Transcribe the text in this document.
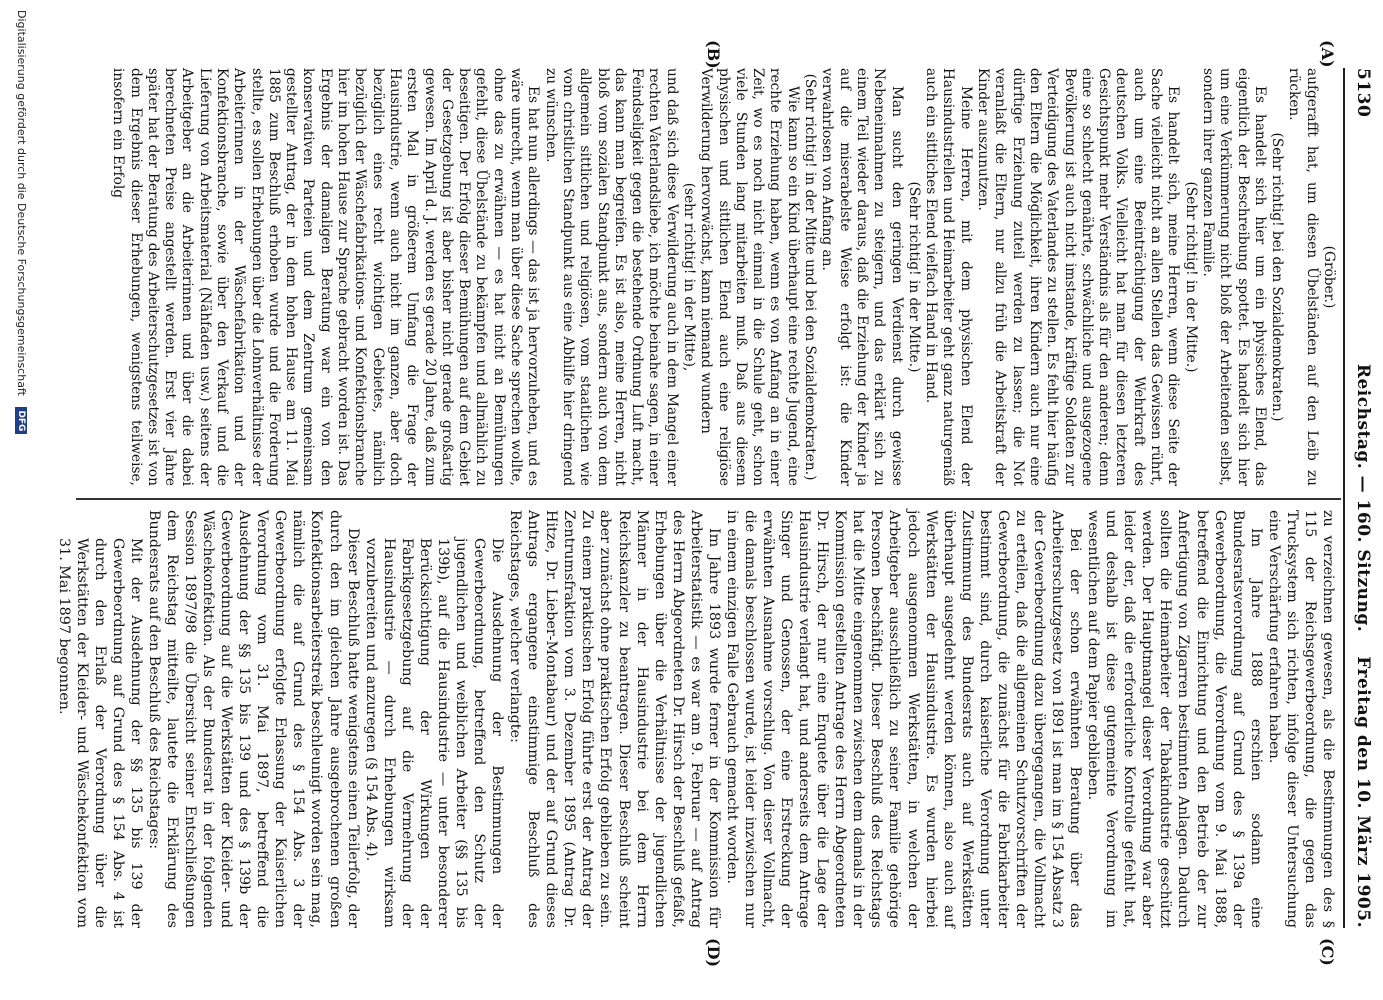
5130
Reichstag. — 160. Sitzung.
Freitag den 10. März 1905.
(A)
(B)
(C)
(D)

(Gröber.)

aufgerafft hat, um diesen Übelständen auf den Leib zu rücken.

(Sehr richtig! bei den Sozialdemokraten.)

Es handelt sich hier um ein physisches Elend, das eigentlich der Beschreibung spottet. Es handelt sich hier um eine Verkümmerung nicht bloß der Arbeitenden selbst, sondern ihrer ganzen Familie.

(Sehr richtig! in der Mitte.)

Es handelt sich, meine Herren, wenn diese Seite der Sache vielleicht nicht an allen Stellen das Gewissen rührt, auch um eine Beeinträchtigung der Wehrkraft des deutschen Volks. Vielleicht hat man für diesen letzteren Gesichtspunkt mehr Verständnis als für den anderen; denn eine so schlecht genährte, schwächliche und ausgezogene Bevölkerung ist auch nicht imstande, kräftige Soldaten zur Verteidigung des Vaterlandes zu stellen. Es fehlt hier häufig den Eltern die Möglichkeit, ihren Kindern auch nur eine dürftige Erziehung zuteil werden zu lassen; die Not veranlaßt die Eltern, nur allzu früh die Arbeitskraft der Kinder auszunutzen.

Meine Herren, mit dem physischen Elend der Hausindustriellen und Heimarbeiter geht ganz naturgemäß auch ein sittliches Elend vielfach Hand in Hand.

(Sehr richtig! in der Mitte.)

Man sucht den geringen Verdienst durch gewisse Nebeneinnahmen zu steigern, und das erklärt sich zu einem Teil wieder daraus, daß die Erziehung der Kinder ja auf die miserabelste Weise erfolgt ist: die Kinder verwahrlosen von Anfang an.

(Sehr richtig! in der Mitte und bei den Sozialdemokraten.)

Wie kann so ein Kind überhaupt eine rechte Jugend, eine rechte Erziehung haben, wenn es von Anfang an in einer Zeit, wo es noch nicht einmal in die Schule geht, schon viele Stunden lang mitarbeiten muß. Daß aus diesem physischen und sittlichen Elend auch eine religiöse Verwilderung hervorwächst, kann niemand wundern

(sehr richtig! in der Mitte),

und daß sich diese Verwilderung auch in dem Mangel einer rechten Vaterlandsliebe, ich möchte beinahe sagen, in einer Feindseligkeit gegen die bestehende Ordnung Luft macht, das kann man begreifen. Es ist also, meine Herren, nicht bloß vom sozialen Standpunkt aus, sondern auch von dem allgemein sittlichen und religiösen, vom staatlichen wie vom christlichen Standpunkt aus eine Abhilfe hier dringend zu wünschen.

Es hat nun allerdings — das ist ja hervorzuheben, und es wäre unrecht, wenn man über diese Sache sprechen wollte, ohne das zu erwähnen — es hat nicht an Bemühungen gefehlt, diese Übelstände zu bekämpfen und allmählich zu beseitigen. Der Erfolg dieser Bemühungen auf dem Gebiet der Gesetzgebung ist aber bisher nicht gerade großartig gewesen. Im April d. J. werden es gerade 20 Jahre, daß zum ersten Mal in größerem Umfang die Frage der Hausindustrie, wenn auch nicht im ganzen, aber doch bezüglich eines recht wichtigen Gebietes, nämlich bezüglich der Wäschefabrikations- und Konfektionsbranche hier im hohen Hause zur Sprache gebracht worden ist. Das Ergebnis der damaligen Beratung war ein von den konservativen Parteien und dem Zentrum gemeinsam gestellter Antrag, der in dem hohen Hause am 11. Mai 1885 zum Beschluß erhoben wurde und die Forderung stellte, es sollen Erhebungen über die Lohnverhältnisse der Arbeiterinnen in der Wäschefabrikation und der Konfektionsbranche, sowie über den Verkauf und die Lieferung von Arbeitsmaterial (Nähfaden usw.) seitens der Arbeitgeber an die Arbeiterinnen und über die dabei berechneten Preise angestellt werden. Erst vier Jahre später hat der Beratung des Arbeiterschutzgesetzes ist von dem Ergebnis dieser Erhebungen, wenigstens teilweise, insofern ein Erfolg

zu verzeichnen gewesen, als die Bestimmungen des § 115 der Reichsgewerbeordnung, die gegen das Trucksystem sich richten, infolge dieser Untersuchung eine Verschärfung erfahren haben.

Im Jahre 1888 erschien sodann eine Bundesratsverordnung auf Grund des § 139a der Gewerbeordnung, die Verordnung vom 9. Mai 1888, betreffend die Einrichtung und den Betrieb der zur Anfertigung von Zigarren bestimmten Anlagen. Dadurch sollten die Heimarbeiter der Tabakindustrie geschützt werden. Der Hauptmangel dieser Verordnung war aber leider der, daß die erforderliche Kontrolle gefehlt hat, und deshalb ist diese gutgemeinte Verordnung im wesentlichen auf dem Papier geblieben.

Bei der schon erwähnten Beratung über das Arbeiterschutzgesetz von 1891 ist man im § 154 Absatz 3 der Gewerbeordnung dazu übergegangen, die Vollmacht zu erteilen, daß die allgemeinen Schutzvorschriften der Gewerbeordnung, die zunächst für die Fabrikarbeiter bestimmt sind, durch kaiserliche Verordnung unter Zustimmung des Bundesrats auch auf Werkstätten überhaupt ausgedehnt werden können, also auch auf Werkstätten der Hausindustrie. Es wurden hierbei jedoch ausgenommen Werkstätten, in welchen der Arbeitgeber ausschließlich zu seiner Familie gehörige Personen beschäftigt. Dieser Beschluß des Reichstags hat die Mitte eingenommen zwischen dem damals in der Kommission gestellten Antrage des Herrn Abgeordneten Dr. Hirsch, der nur eine Enquete über die Lage der Hausindustrie verlangt hat, und anderseits dem Antrage Singer und Genossen, der eine Erstreckung der erwähnten Ausnahme vorschlug. Von dieser Vollmacht, die damals beschlossen wurde, ist leider inzwischen nur in einem einzigen Falle Gebrauch gemacht worden.

Im Jahre 1893 wurde ferner in der Kommission für Arbeiterstatistik — es war am 9. Februar — auf Antrag des Herrn Abgeordneten Dr. Hirsch der Beschluß gefaßt, Erhebungen über die Verhältnisse der jugendlichen Männer in der Hausindustrie bei dem Herrn Reichskanzler zu beantragen. Dieser Beschluß scheint aber zunächst ohne praktischen Erfolg geblieben zu sein. Zu einem praktischen Erfolg führte erst der Antrag der Zentrumsfraktion vom 3. Dezember 1895 (Antrag Dr. Hitze, Dr. Lieber-Montabaur) und der auf Grund dieses Antrags ergangene einstimmige Beschluß des Reichstages, welcher verlangte:

Die Ausdehnung der Bestimmungen der Gewerbeordnung, betreffend den Schutz der jugendlichen und weiblichen Arbeiter (§§ 135 bis 139b), auf die Hausindustrie — unter besonderer Berücksichtigung der Wirkungen der Fabrikgesetzgebung auf die Vermehrung der Hausindustrie — durch Erhebungen wirksam vorzubereiten und anzuregen (§ 154 Abs. 4).

Dieser Beschluß hatte wenigstens einen Teilerfolg, der durch den im gleichen Jahre ausgebrochenen großen Konfektionsarbeiterstreik beschleunigt worden sein mag, nämlich die auf Grund des § 154 Abs. 3 der Gewerbeordnung erfolgte Erlassung der Kaiserlichen Verordnung vom 31. Mai 1897, betreffend die Ausdehnung der §§ 135 bis 139 und des § 139b der Gewerbeordnung auf die Werkstätten der Kleider- und Wäschekonfektion. Als der Bundesrat in der folgenden Session 1897/98 die Übersicht seiner Entschließungen dem Reichstag mitteilte, lautete die Erklärung des Bundesrats auf den Beschluß des Reichstages:

Mit der Ausdehnung der §§ 135 bis 139 der Gewerbeordnung auf Grund des § 154 Abs. 4 ist durch den Erlaß der Verordnung über die Werkstätten der Kleider- und Wäschekonfektion vom 31. Mai 1897 begonnen.

Digitalisierung gefördert durch die Deutsche Forschungsgemeinschaft DFG
